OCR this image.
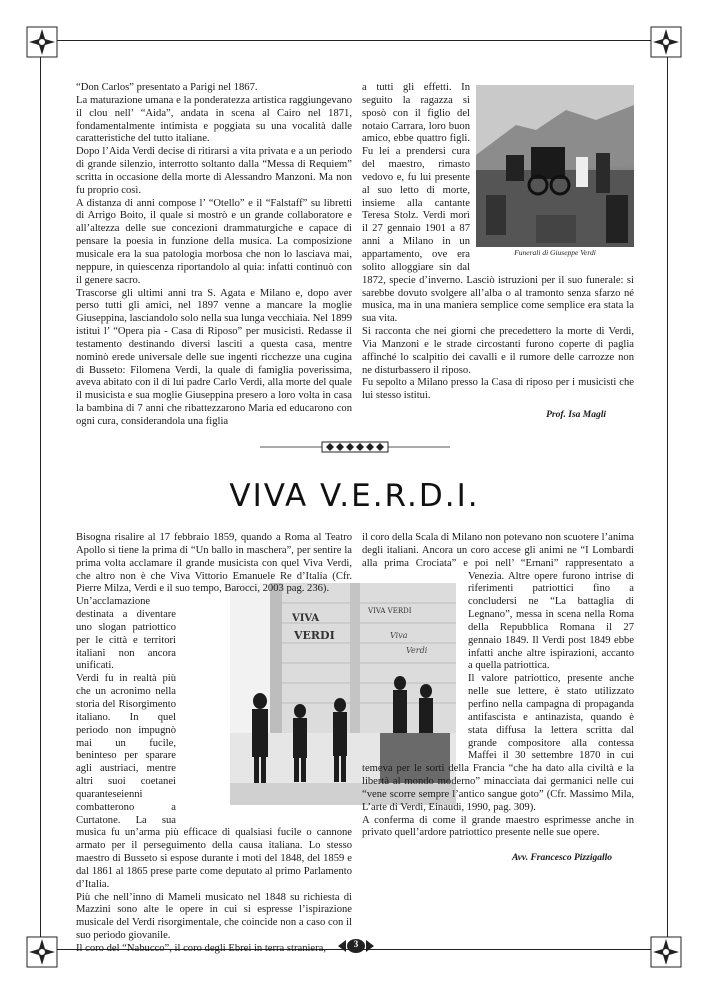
“Don Carlos” presentato a Parigi nel 1867.

La maturazione umana e la ponderatezza artistica raggiungevano il clou nell’ “Aida”, andata in scena al Cairo nel 1871, fondamentalmente intimista e poggiata su una vocalità dalle caratteristiche del tutto italiane.

Dopo l’Aida Verdi decise di ritirarsi a vita privata e a un periodo di grande silenzio, interrotto soltanto dalla “Messa di Requiem” scritta in occasione della morte di Alessandro Manzoni. Ma non fu proprio così.

A distanza di anni compose l’ “Otello” e il “Falstaff” su libretti di Arrigo Boito, il quale si mostrò e un grande collaboratore e all’altezza delle sue concezioni drammaturgiche e capace di pensare la poesia in funzione della musica. La composizione musicale era la sua patologia morbosa che non lo lasciava mai, neppure, in quiescenza riportandolo al quia: infatti continuò con il genere sacro.

Trascorse gli ultimi anni tra S. Agata e Milano e, dopo aver perso tutti gli amici, nel 1897 venne a mancare la moglie Giuseppina, lasciandolo solo nella sua lunga vecchiaia. Nel 1899 istituì l’ “Opera pia - Casa di Riposo” per musicisti. Redasse il testamento destinando diversi lasciti a questa casa, mentre nominò erede universale delle sue ingenti ricchezze una cugina di Busseto: Filomena Verdi, la quale di famiglia poverissima, aveva abitato con il di lui padre Carlo Verdi, alla morte del quale il musicista e sua moglie Giuseppina presero a loro volta in casa la bambina di 7 anni che ribattezzarono Maria ed educarono con ogni cura, considerandola una figlia

Funerali di Giuseppe Verdi

a tutti gli effetti. In seguito la ragazza si sposò con il figlio del notaio Carrara, loro buon amico, ebbe quattro figli. Fu lei a prendersi cura del maestro, rimasto vedovo e, fu lui presente al suo letto di morte, insieme alla cantante Teresa Stolz. Verdi morì il 27 gennaio 1901 a 87 anni a Milano in un appartamento, ove era solito alloggiare sin dal 1872, specie d’inverno. Lasciò istruzioni per il suo funerale: si sarebbe dovuto svolgere all’alba o al tramonto senza sfarzo né musica, ma in una maniera semplice come semplice era stata la sua vita.

Si racconta che nei giorni che precedettero la morte di Verdi, Via Manzoni e le strade circostanti furono coperte di paglia affinché lo scalpitio dei cavalli e il rumore delle carrozze non ne disturbassero il riposo.

Fu sepolto a Milano presso la Casa di riposo per i musicisti che lui stesso istituì.

Prof. Isa Magli
VIVA V.E.R.D.I.
VIVA
VERDI
VIVA VERDI
Viva
Verdi

Bisogna risalire al 17 febbraio 1859, quando a Roma al Teatro Apollo si tiene la prima di “Un ballo in maschera”, per sentire la prima volta acclamare il grande musicista con quel Viva Verdi, che altro non è che Viva Vittorio Emanuele Re d’Italia (Cfr. Pierre Milza, Verdi e il suo tempo, Barocci, 2003 pag. 236).

Un’acclamazione destinata a diventare uno slogan patriottico per le città e territori italiani non ancora unificati.

Verdi fu in realtà più che un acronimo nella storia del Risorgimento italiano. In quel periodo non impugnò mai un fucile, beninteso per sparare agli austriaci, mentre altri suoi coetanei quaranteseienni combatterono a Curtatone. La sua musica fu un’arma più efficace di qualsiasi fucile o cannone armato per il perseguimento della causa italiana. Lo stesso maestro di Busseto si espose durante i moti del 1848, del 1859 e dal 1861 al 1865 prese parte come deputato al primo Parlamento d’Italia.

Più che nell’inno di Mameli musicato nel 1848 su richiesta di Mazzini sono alte le opere in cui si espresse l’ispirazione musicale del Verdi risorgimentale, che coincide non a caso con il suo periodo giovanile.

Il coro del “Nabucco”, il coro degli Ebrei in terra straniera,

il coro della Scala di Milano non potevano non scuotere l’anima degli italiani. Ancora un coro accese gli animi ne “I Lombardi alla prima Crociata” e poi nell’ “Ernani” rappresentato a Venezia. Altre opere furono intrise di riferimenti patriottici fino a concludersi ne “La battaglia di Legnano”, messa in scena nella Roma della Repubblica Romana il 27 gennaio 1849. Il Verdi post 1849 ebbe infatti anche altre ispirazioni, accanto a quella patriottica.

Il valore patriottico, presente anche nelle sue lettere, è stato utilizzato perfino nella campagna di propaganda antifascista e antinazista, quando è stata diffusa la lettera scritta dal grande compositore alla contessa Maffei il 30 settembre 1870 in cui temeva per le sorti della Francia “che ha dato alla civiltà e la libertà al mondo moderno” minacciata dai germanici nelle cui “vene scorre sempre l’antico sangue goto” (Cfr. Massimo Mila, L’arte di Verdi, Einaudi, 1990, pag. 309).

A conferma di come il grande maestro esprimesse anche in privato quell’ardore patriottico presente nelle sue opere.

Avv. Francesco Pizzigallo
3
